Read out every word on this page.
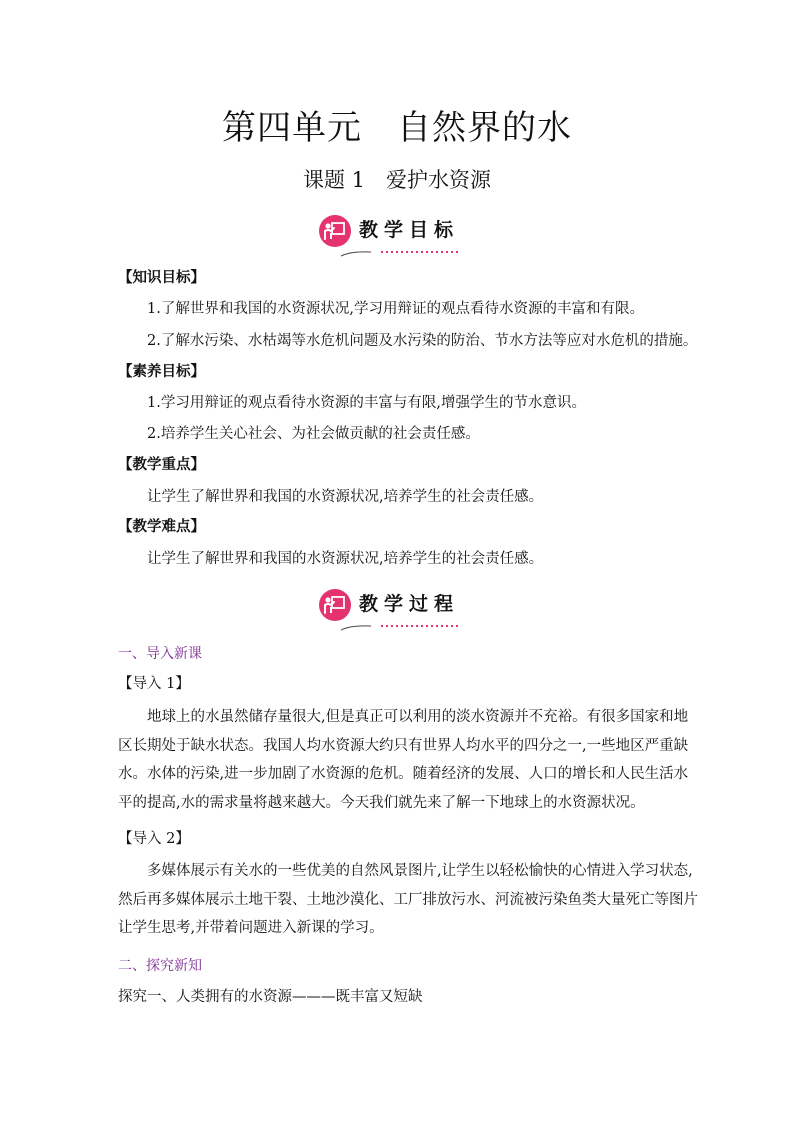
第四单元　自然界的水
课题 1　爱护水资源
教学目标
【知识目标】
1.了解世界和我国的水资源状况,学习用辩证的观点看待水资源的丰富和有限。
2.了解水污染、水枯竭等水危机问题及水污染的防治、节水方法等应对水危机的措施。
【素养目标】
1.学习用辩证的观点看待水资源的丰富与有限,增强学生的节水意识。
2.培养学生关心社会、为社会做贡献的社会责任感。
【教学重点】
让学生了解世界和我国的水资源状况,培养学生的社会责任感。
【教学难点】
让学生了解世界和我国的水资源状况,培养学生的社会责任感。
教学过程
一、导入新课
【导入 1】
地球上的水虽然储存量很大,但是真正可以利用的淡水资源并不充裕。有很多国家和地
区长期处于缺水状态。我国人均水资源大约只有世界人均水平的四分之一,一些地区严重缺
水。水体的污染,进一步加剧了水资源的危机。随着经济的发展、人口的增长和人民生活水
平的提高,水的需求量将越来越大。今天我们就先来了解一下地球上的水资源状况。
【导入 2】
多媒体展示有关水的一些优美的自然风景图片,让学生以轻松愉快的心情进入学习状态,
然后再多媒体展示土地干裂、土地沙漠化、工厂排放污水、河流被污染鱼类大量死亡等图片
让学生思考,并带着问题进入新课的学习。
二、探究新知
探究一、人类拥有的水资源———既丰富又短缺
